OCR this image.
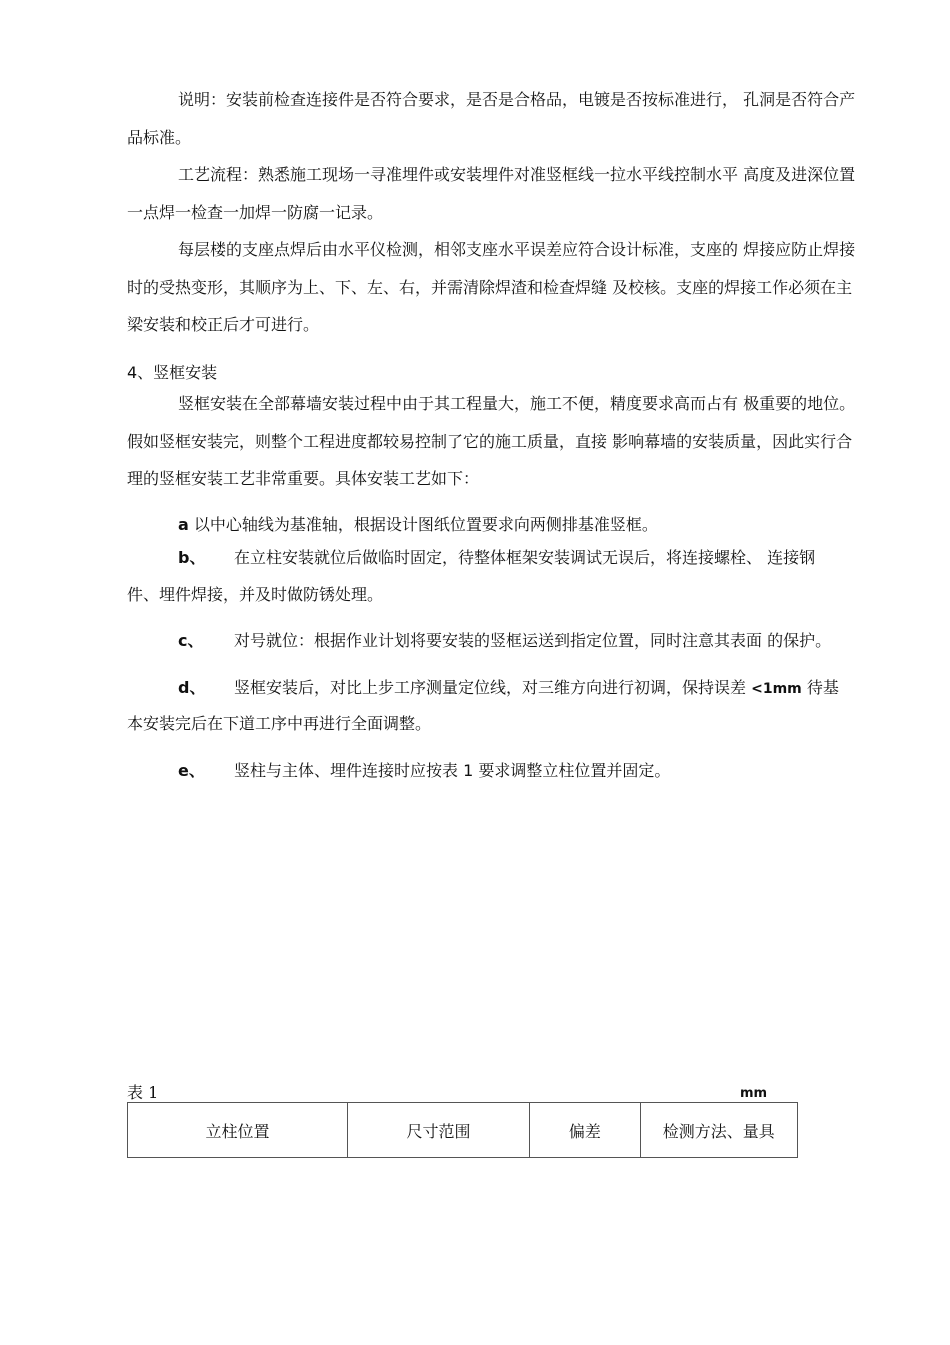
说明：安装前检查连接件是否符合要求，是否是合格品，电镀是否按标准进行， 孔洞是否符合产品标准。

工艺流程：熟悉施工现场一寻准埋件或安装埋件对准竖框线一拉水平线控制水平 高度及进深位置一点焊一检查一加焊一防腐一记录。

每层楼的支座点焊后由水平仪检测，相邻支座水平误差应符合设计标准，支座的 焊接应防止焊接时的受热变形，其顺序为上、下、左、右，并需清除焊渣和检查焊缝 及校核。支座的焊接工作必须在主梁安装和校正后才可进行。

4、竖框安装

竖框安装在全部幕墙安装过程中由于其工程量大，施工不便，精度要求高而占有 极重要的地位。假如竖框安装完，则整个工程进度都较易控制了它的施工质量，直接 影响幕墙的安装质量，因此实行合理的竖框安装工艺非常重要。具体安装工艺如下：

a 以中心轴线为基准轴，根据设计图纸位置要求向两侧排基准竖框。
b、 在立柱安装就位后做临时固定，待整体框架安装调试无误后，将连接螺栓、 连接钢
件、埋件焊接，并及时做防锈处理。
c、 对号就位：根据作业计划将要安装的竖框运送到指定位置，同时注意其表面 的保护。
d、 竖框安装后，对比上步工序测量定位线，对三维方向进行初调，保持误差 <1mm 待基
本安装完后在下道工序中再进行全面调整。
e、 竖柱与主体、埋件连接时应按表 1 要求调整立柱位置并固定。
表 1	mm
立柱位置	尺寸范围	偏差	检测方法、量具
